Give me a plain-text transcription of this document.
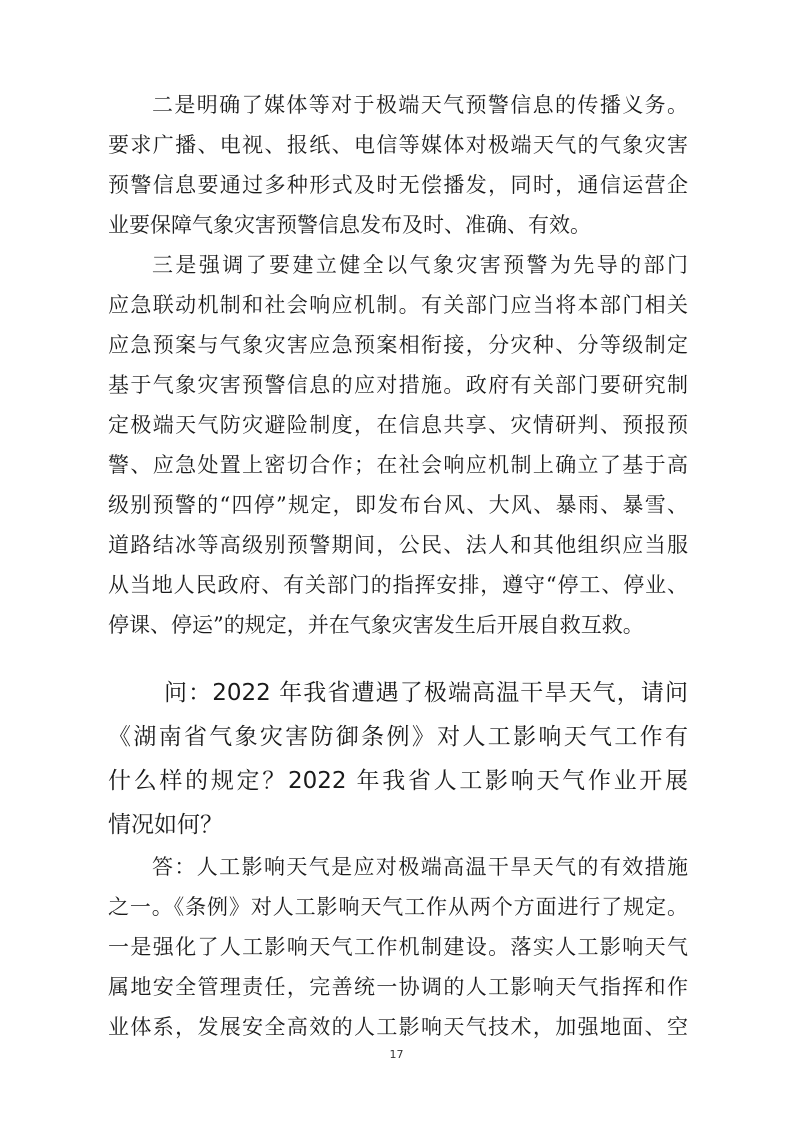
二是明确了媒体等对于极端天气预警信息的传播义务。

要求广播、电视、报纸、电信等媒体对极端天气的气象灾害

预警信息要通过多种形式及时无偿播发，同时，通信运营企

业要保障气象灾害预警信息发布及时、准确、有效。

三是强调了要建立健全以气象灾害预警为先导的部门

应急联动机制和社会响应机制。有关部门应当将本部门相关

应急预案与气象灾害应急预案相衔接，分灾种、分等级制定

基于气象灾害预警信息的应对措施。政府有关部门要研究制

定极端天气防灾避险制度，在信息共享、灾情研判、预报预

警、应急处置上密切合作；在社会响应机制上确立了基于高

级别预警的“四停”规定，即发布台风、大风、暴雨、暴雪、

道路结冰等高级别预警期间，公民、法人和其他组织应当服

从当地人民政府、有关部门的指挥安排，遵守“停工、停业、

停课、停运”的规定，并在气象灾害发生后开展自救互救。

问：2022 年我省遭遇了极端高温干旱天气，请问

《湖南省气象灾害防御条例》对人工影响天气工作有

什么样的规定？2022 年我省人工影响天气作业开展

情况如何？

答：人工影响天气是应对极端高温干旱天气的有效措施

之一。《条例》对人工影响天气工作从两个方面进行了规定。

一是强化了人工影响天气工作机制建设。落实人工影响天气

属地安全管理责任，完善统一协调的人工影响天气指挥和作

业体系，发展安全高效的人工影响天气技术，加强地面、空

17
